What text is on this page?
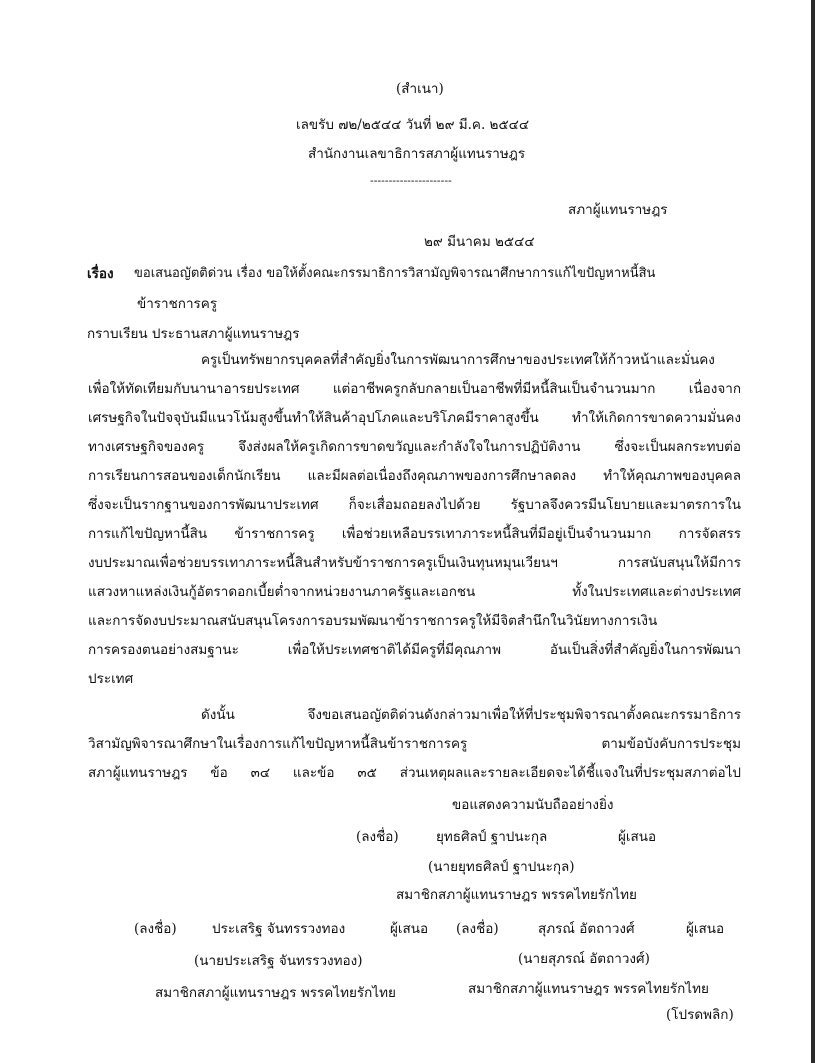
(สำเนา)
เลขรับ ๗๒/๒๕๔๔ วันที่ ๒๙ มี.ค. ๒๕๔๔
สำนักงานเลขาธิการสภาผู้แทนราษฎร
----------------------
สภาผู้แทนราษฎร
๒๙ มีนาคม ๒๕๔๔
เรื่อง ขอเสนอญัตติด่วน เรื่อง ขอให้ตั้งคณะกรรมาธิการวิสามัญพิจารณาศึกษาการแก้ไขปัญหาหนี้สิน
ข้าราชการครู
กราบเรียน ประธานสภาผู้แทนราษฎร
ครูเป็นทรัพยากรบุคคลที่สำคัญยิ่งในการพัฒนาการศึกษาของประเทศให้ก้าวหน้าและมั่นคง
เพื่อให้ทัดเทียมกับนานาอารยประเทศ แต่อาชีพครูกลับกลายเป็นอาชีพที่มีหนี้สินเป็นจำนวนมาก เนื่องจาก
เศรษฐกิจในปัจจุบันมีแนวโน้มสูงขึ้นทำให้สินค้าอุปโภคและบริโภคมีราคาสูงขึ้น ทำให้เกิดการขาดความมั่นคง
ทางเศรษฐกิจของครู จึงส่งผลให้ครูเกิดการขาดขวัญและกำลังใจในการปฏิบัติงาน ซึ่งจะเป็นผลกระทบต่อ
การเรียนการสอนของเด็กนักเรียน และมีผลต่อเนื่องถึงคุณภาพของการศึกษาลดลง ทำให้คุณภาพของบุคคล
ซึ่งจะเป็นรากฐานของการพัฒนาประเทศ ก็จะเสื่อมถอยลงไปด้วย รัฐบาลจึงควรมีนโยบายและมาตรการใน
การแก้ไขปัญหานี้สิน ข้าราชการครู เพื่อช่วยเหลือบรรเทาภาระหนี้สินที่มีอยู่เป็นจำนวนมาก การจัดสรร
งบประมาณเพื่อช่วยบรรเทาภาระหนี้สินสำหรับข้าราชการครูเป็นเงินทุนหมุนเวียนฯ การสนับสนุนให้มีการ
แสวงหาแหล่งเงินกู้อัตราดอกเบี้ยต่ำจากหน่วยงานภาครัฐและเอกชน ทั้งในประเทศและต่างประเทศ
และการจัดงบประมาณสนับสนุนโครงการอบรมพัฒนาข้าราชการครูให้มีจิตสำนึกในวินัยทางการเงิน
การครองตนอย่างสมฐานะ เพื่อให้ประเทศชาติได้มีครูที่มีคุณภาพ อันเป็นสิ่งที่สำคัญยิ่งในการพัฒนา
ประเทศ
ดังนั้น จึงขอเสนอญัตติด่วนดังกล่าวมาเพื่อให้ที่ประชุมพิจารณาตั้งคณะกรรมาธิการ
วิสามัญพิจารณาศึกษาในเรื่องการแก้ไขปัญหาหนี้สินข้าราชการครู ตามข้อบังคับการประชุม
สภาผู้แทนราษฎร ข้อ ๓๔ และข้อ ๓๕ ส่วนเหตุผลและรายละเอียดจะได้ชี้แจงในที่ประชุมสภาต่อไป
ขอแสดงความนับถืออย่างยิ่ง
(ลงชื่อ)	ยุทธศิลป์ ฐาปนะกุล	ผู้เสนอ
(นายยุทธศิลป์ ฐาปนะกุล)
สมาชิกสภาผู้แทนราษฎร พรรคไทยรักไทย
(ลงชื่อ)	ประเสริฐ จันทรรวงทอง	ผู้เสนอ (ลงชื่อ)	สุภรณ์ อัตถาวงศ์	ผู้เสนอ
(นายประเสริฐ จันทรรวงทอง)	(นายสุภรณ์ อัตถาวงศ์)
สมาชิกสภาผู้แทนราษฎร พรรคไทยรักไทย	สมาชิกสภาผู้แทนราษฎร พรรคไทยรักไทย
(โปรดพลิก)
